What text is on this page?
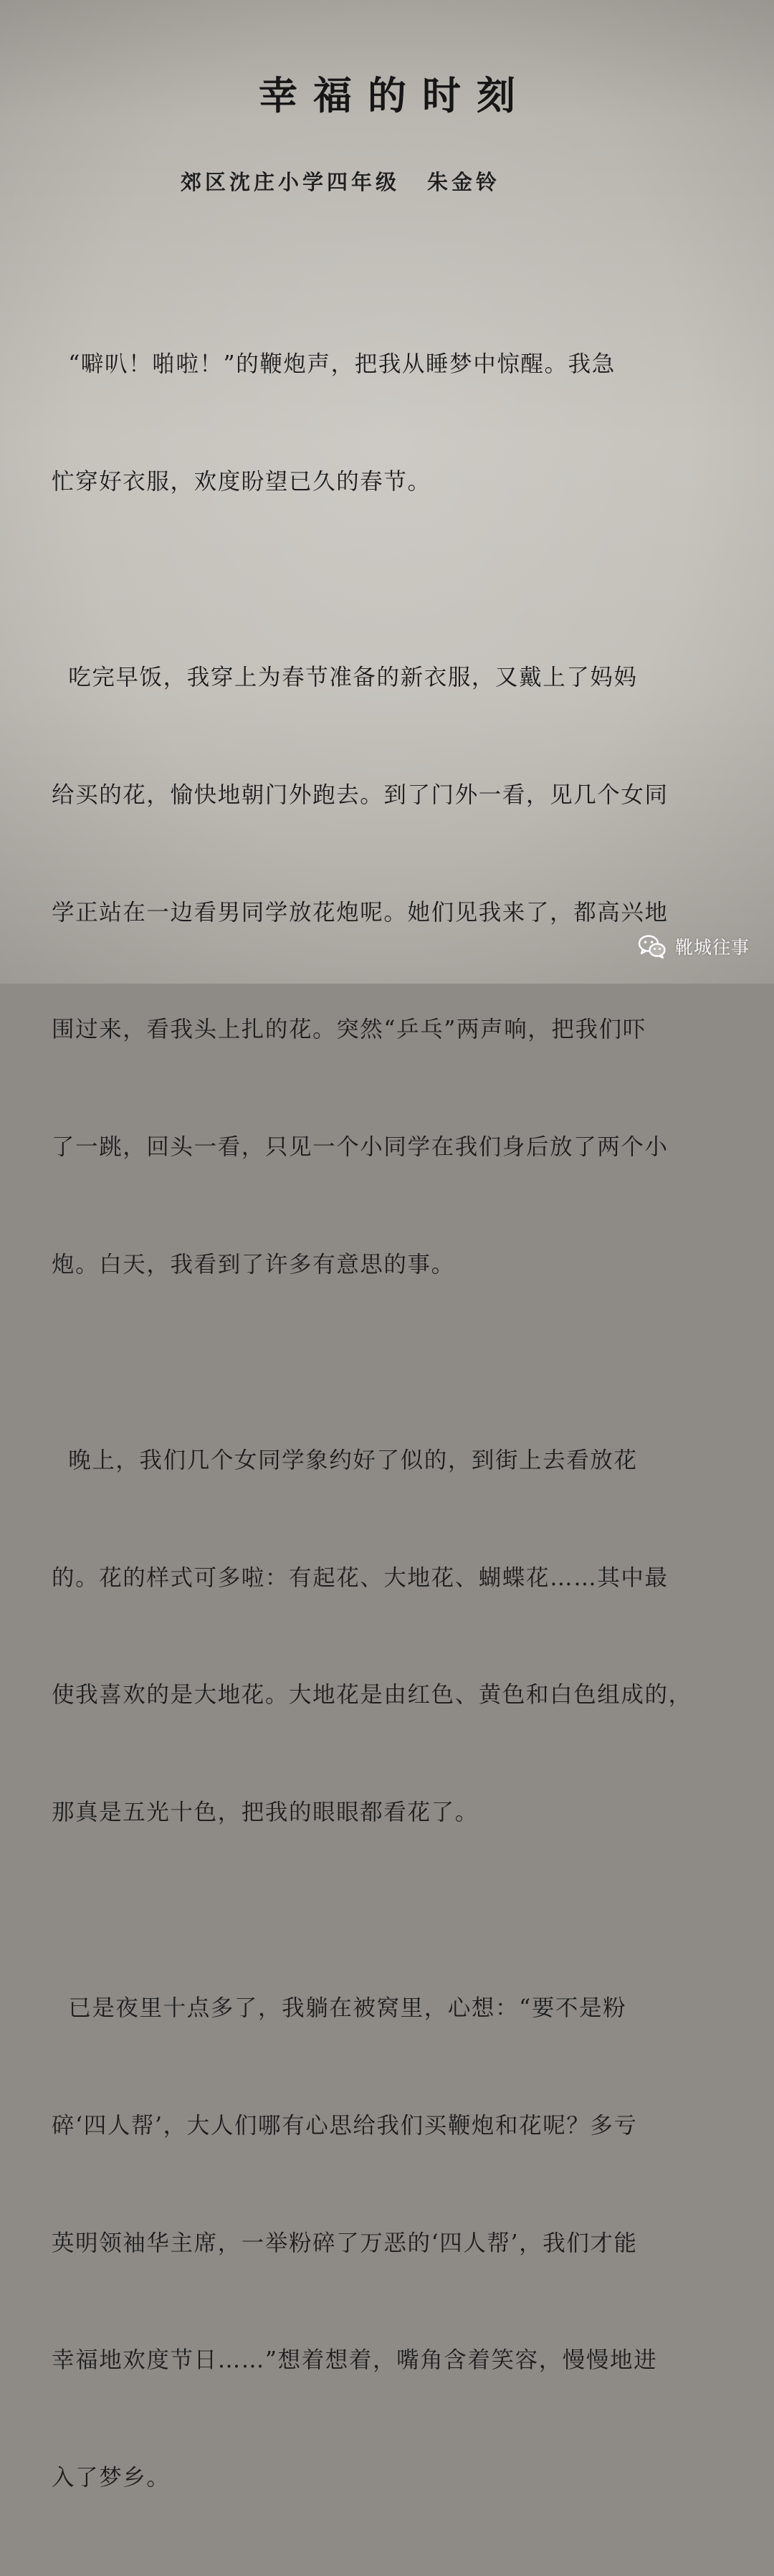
幸福的时刻
郊区沈庄小学四年级 朱金铃

“噼叭！啪啦！”的鞭炮声，把我从睡梦中惊醒。我急

忙穿好衣服，欢度盼望已久的春节。

吃完早饭，我穿上为春节准备的新衣服，又戴上了妈妈

给买的花，愉快地朝门外跑去。到了门外一看，见几个女同

学正站在一边看男同学放花炮呢。她们见我来了，都高兴地

围过来，看我头上扎的花。突然“乒乓”两声响，把我们吓

了一跳，回头一看，只见一个小同学在我们身后放了两个小

炮。白天，我看到了许多有意思的事。

晚上，我们几个女同学象约好了似的，到街上去看放花

的。花的样式可多啦：有起花、大地花、蝴蝶花……其中最

使我喜欢的是大地花。大地花是由红色、黄色和白色组成的，

那真是五光十色，把我的眼眼都看花了。

已是夜里十点多了，我躺在被窝里，心想：“要不是粉

碎‘四人帮’，大人们哪有心思给我们买鞭炮和花呢？多亏

英明领袖华主席，一举粉碎了万恶的‘四人帮’，我们才能

幸福地欢度节日……”想着想着，嘴角含着笑容，慢慢地进

入了梦乡。

靴城往事
